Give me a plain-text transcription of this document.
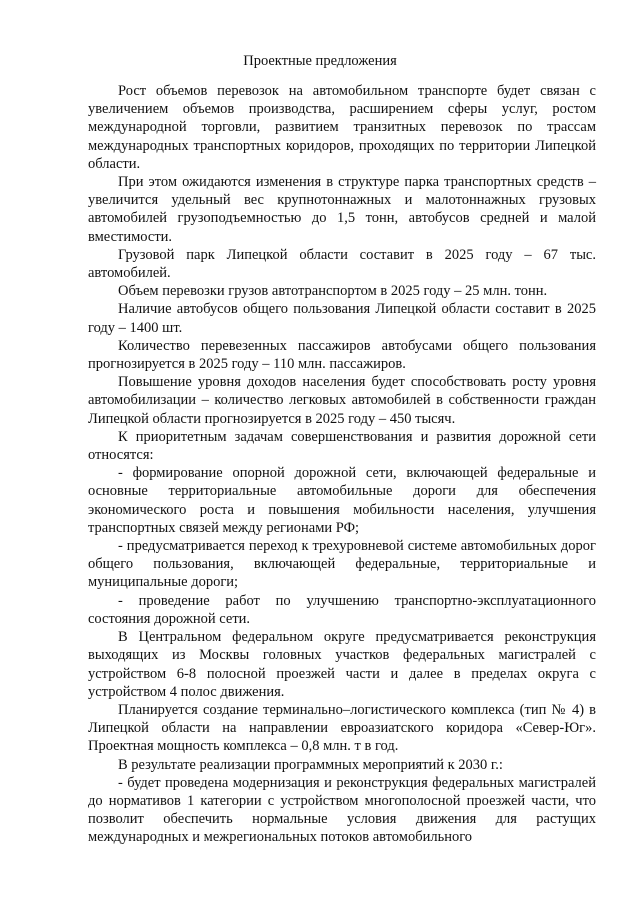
Проектные предложения

Рост объемов перевозок на автомобильном транспорте будет связан с увеличением объемов производства, расширением сферы услуг, ростом международной торговли, развитием транзитных перевозок по трассам международных транспортных коридоров, проходящих по территории Липецкой области.

При этом ожидаются изменения в структуре парка транспортных средств – увеличится удельный вес крупнотоннажных и малотоннажных грузовых автомобилей грузоподъемностью до 1,5 тонн, автобусов средней и малой вместимости.

Грузовой парк Липецкой области составит в 2025 году – 67 тыс. автомобилей.

Объем перевозки грузов автотранспортом в 2025 году – 25 млн. тонн.

Наличие автобусов общего пользования Липецкой области составит в 2025 году – 1400 шт.

Количество перевезенных пассажиров автобусами общего пользования прогнозируется в 2025 году – 110 млн. пассажиров.

Повышение уровня доходов населения будет способствовать росту уровня автомобилизации – количество легковых автомобилей в собственности граждан Липецкой области прогнозируется в 2025 году – 450 тысяч.

К приоритетным задачам совершенствования и развития дорожной сети относятся:

- формирование опорной дорожной сети, включающей федеральные и основные территориальные автомобильные дороги для обеспечения экономического роста и повышения мобильности населения, улучшения транспортных связей между регионами РФ;

- предусматривается переход к трехуровневой системе автомобильных дорог общего пользования, включающей федеральные, территориальные и муниципальные дороги;

- проведение работ по улучшению транспортно-эксплуатационного состояния дорожной сети.

В Центральном федеральном округе предусматривается реконструкция выходящих из Москвы головных участков федеральных магистралей с устройством 6-8 полосной проезжей части и далее в пределах округа с устройством 4 полос движения.

Планируется создание терминально–логистического комплекса (тип № 4) в Липецкой области на направлении евроазиатского коридора «Север-Юг». Проектная мощность комплекса – 0,8 млн. т в год.

В результате реализации программных мероприятий к 2030 г.:

- будет проведена модернизация и реконструкция федеральных магистралей до нормативов 1 категории с устройством многополосной проезжей части, что позволит обеспечить нормальные условия движения для растущих международных и межрегиональных потоков автомобильного
